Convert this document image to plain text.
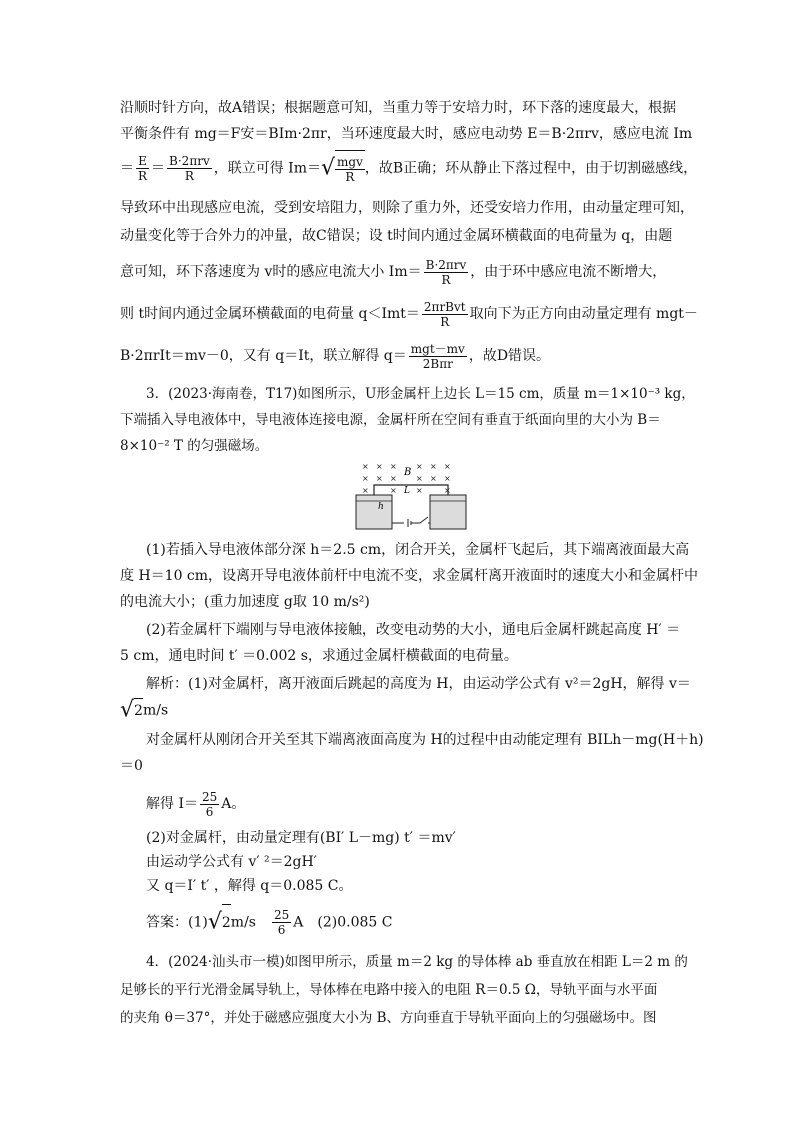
沿顺时针方向，故A错误；根据题意可知，当重力等于安培力时，环下落的速度最大，根据
平衡条件有 mg＝F安＝BIm·2πr，当环速度最大时，感应电动势 E＝B·2πrv，感应电流 Im
＝ $\frac{E}{R} = \frac{\text{B·2πrv}}{R}$ ，联立可得 $Im=√ \frac{\text{mgv}}{R}$ ，故B正确；环从静止下落过程中，由于切割磁感线，
导致环中出现感应电流，受到安培阻力，则除了重力外，还受安培力作用，由动量定理可知，
动量变化等于合外力的冲量，故C错误；设 t时间内通过金属环横截面的电荷量为 q，由题
意可知，环下落速度为 v时的感应电流大小 $Im= \frac{\text{B·2πrv}}{R}$ ，由于环中感应电流不断增大，
则 t时间内通过金属环横截面的电荷量 $q<Imt= \frac{\text{2πrBvt}}{R}$ 取向下为正方向由动量定理有 mgt－
B·2πrIt＝mv－0，又有 q＝It，联立解得 $q= \frac{\text{mgt－mv}}{\text{2Bπr}}$ ，故D错误。
3．(2023·海南卷，T17)如图所示，U形金属杆上边长 L＝15 cm，质量 m＝1×10⁻³ kg，
下端插入导电液体中，导电液体连接电源，金属杆所在空间有垂直于纸面向里的大小为 B＝
8×10⁻² T 的匀强磁场。
× × × × × ×
× × × × × ×
×	× ×	×
B
L
h
(1)若插入导电液体部分深 h＝2.5 cm，闭合开关，金属杆飞起后，其下端离液面最大高
度 H＝10 cm，设离开导电液体前杆中电流不变，求金属杆离开液面时的速度大小和金属杆中
的电流大小；(重力加速度 g取 10 m/s²)
(2)若金属杆下端刚与导电液体接触，改变电动势的大小，通电后金属杆跳起高度 H′ ＝
5 cm，通电时间 t′ ＝0.002 s，求通过金属杆横截面的电荷量。
解析：(1)对金属杆，离开液面后跳起的高度为 H，由运动学公式有 v²＝2gH，解得 v＝
√2m/s
对金属杆从刚闭合开关至其下端离液面高度为 H的过程中由动能定理有 BILh－mg(H＋h)
＝0
解得 $I= \frac{25}{6}$ A。
(2)对金属杆，由动量定理有(BI′ L－mg) t′ ＝mv′
由运动学公式有 v′ ²＝2gH′
又 q＝I′ t′ ，解得 q＝0.085 C。
答案：$(1)√2m/s \frac{25}{6}$ A　(2)0.085 C
4．(2024·汕头市一模)如图甲所示，质量 m＝2 kg 的导体棒 ab 垂直放在相距 L＝2 m 的
足够长的平行光滑金属导轨上，导体棒在电路中接入的电阻 R＝0.5 Ω，导轨平面与水平面
的夹角 θ＝37°，并处于磁感应强度大小为 B、方向垂直于导轨平面向上的匀强磁场中。图
